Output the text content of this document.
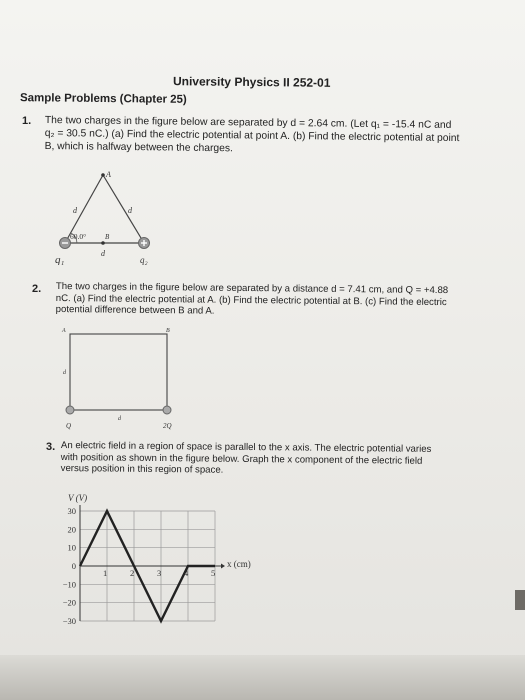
University Physics II 252-01
Sample Problems (Chapter 25)
1. The two charges in the figure below are separated by d = 2.64 cm. (Let q₁ = -15.4 nC and q₂ = 30.5 nC.) (a) Find the electric potential at point A. (b) Find the electric potential at point B, which is halfway between the charges.
A
B
d	d
d
60.0°
q₁	q₂
2. The two charges in the figure below are separated by a distance d = 7.41 cm, and Q = +4.88 nC. (a) Find the electric potential at A. (b) Find the electric potential at B. (c) Find the electric potential difference between B and A.
A	B
d
d
Q	2Q
3. An electric field in a region of space is parallel to the x axis. The electric potential varies with position as shown in the figure below. Graph the x component of the electric field versus position in this region of space.
30
20
10
0
−10
−20
−30
1	2	3	4	5
V (V)
x (cm)
